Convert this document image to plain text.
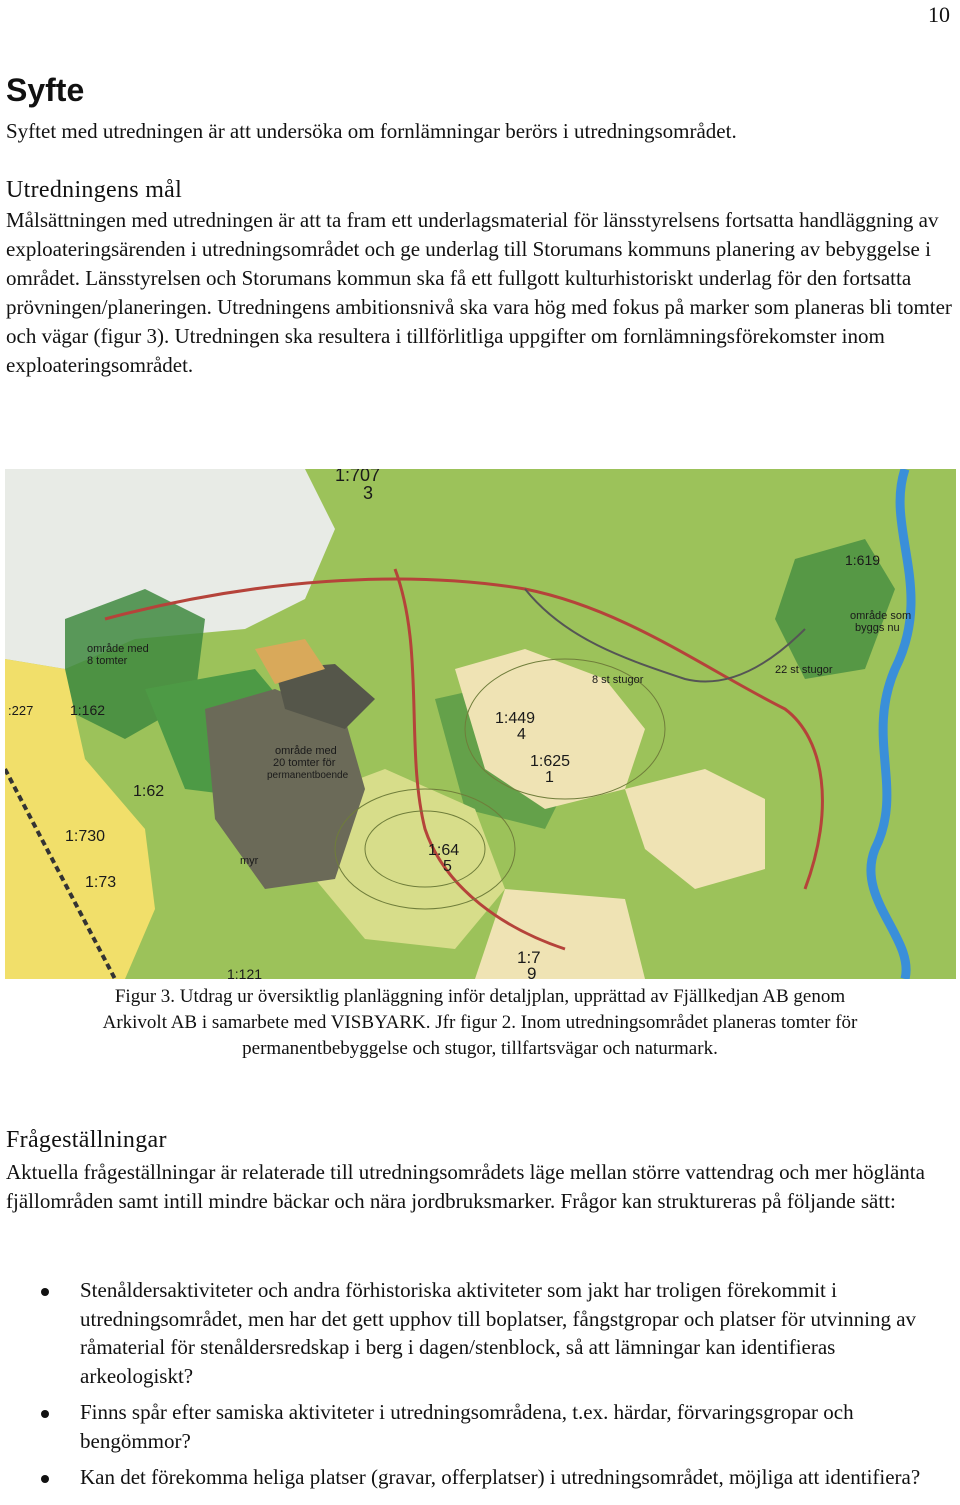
10
Syfte

Syftet med utredningen är att undersöka om fornlämningar berörs i utredningsområdet.

Utredningens mål

Målsättningen med utredningen är att ta fram ett underlagsmaterial för länsstyrelsens fortsatta handläggning av exploateringsärenden i utredningsområdet och ge underlag till Storumans kommuns planering av bebyggelse i området. Länsstyrelsen och Storumans kommun ska få ett fullgott kulturhistoriskt underlag för den fortsatta prövningen/planeringen. Utredningens ambitionsnivå ska vara hög med fokus på marker som planeras bli tomter och vägar (figur 3). Utredningen ska resultera i tillförlitliga uppgifter om fornlämningsförekomster inom exploateringsområdet.

1:707
3
1:619
område som
byggs nu
22 st stugor
område med
8 tomter
1:162
:227
område med
20 tomter för
permanentboende
1:449
4
1:625
1
1:62
1:730
1:64
5
1:7
9
1:73
myr
1:121
8 st stugor

Figur 3. Utdrag ur översiktlig planläggning inför detaljplan, upprättad av Fjällkedjan AB genom
Arkivolt AB i samarbete med VISBYARK. Jfr figur 2. Inom utredningsområdet planeras tomter för
permanentbebyggelse och stugor, tillfartsvägar och naturmark.

Frågeställningar

Aktuella frågeställningar är relaterade till utredningsområdets läge mellan större vattendrag och mer höglänta fjällområden samt intill mindre bäckar och nära jordbruksmarker. Frågor kan struktureras på följande sätt:

Stenåldersaktiviteter och andra förhistoriska aktiviteter som jakt har troligen förekommit i utredningsområdet, men har det gett upphov till boplatser, fångstgropar och platser för utvinning av råmaterial för stenåldersredskap i berg i dagen/stenblock, så att lämningar kan identifieras arkeologiskt?
Finns spår efter samiska aktiviteter i utredningsområdena, t.ex. härdar, förvaringsgropar och bengömmor?
Kan det förekomma heliga platser (gravar, offerplatser) i utredningsområdet, möjliga att identifiera?
